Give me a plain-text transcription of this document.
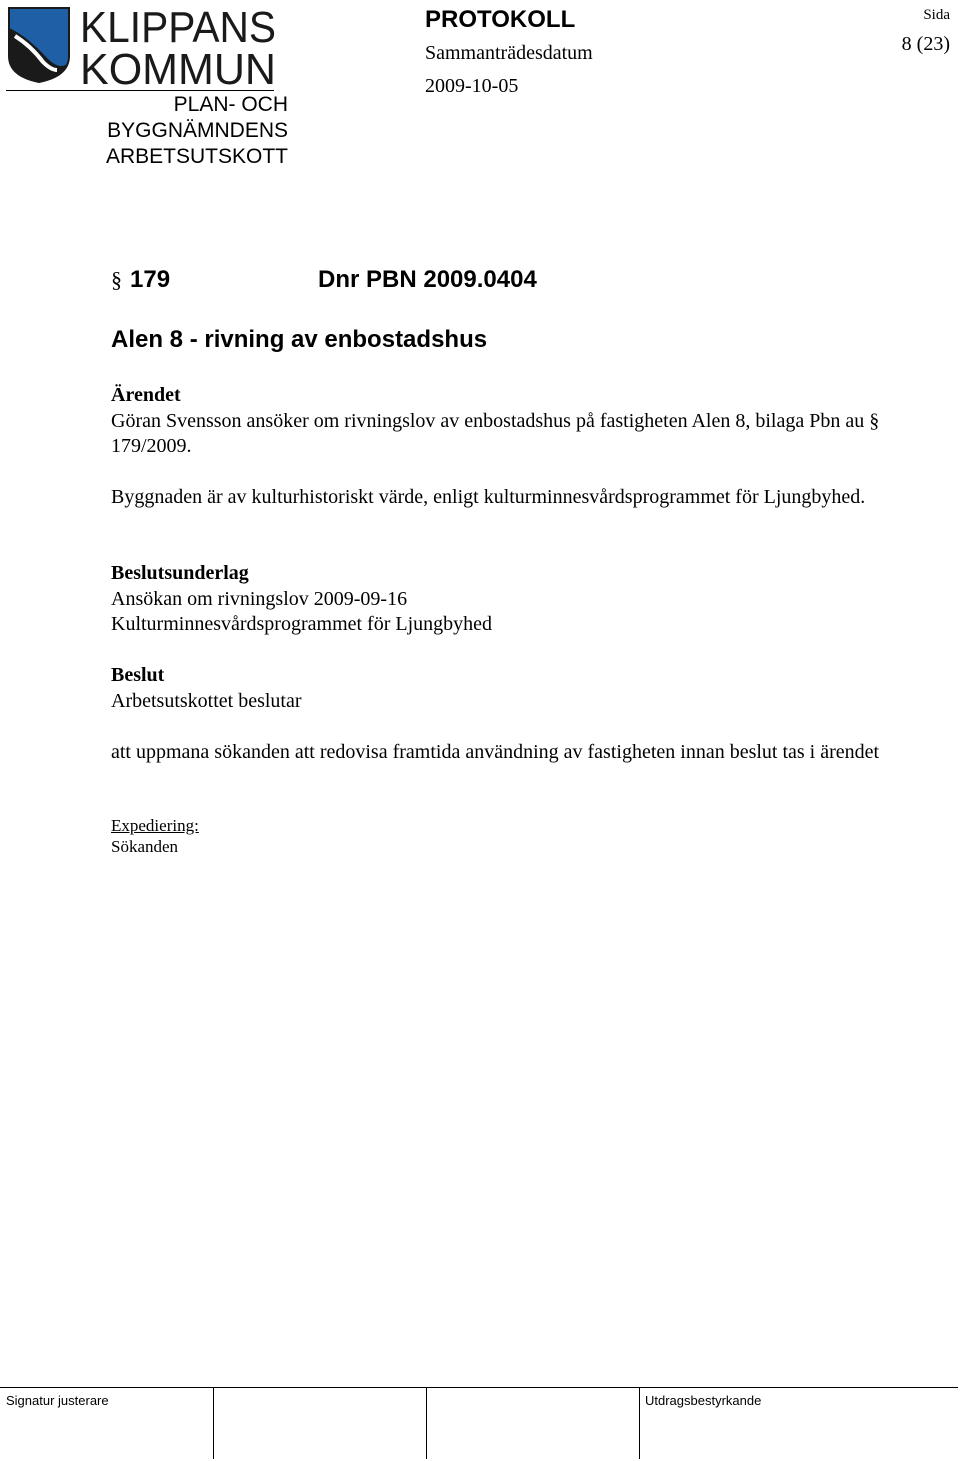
KLIPPANS
KOMMUN
PLAN- OCH
BYGGNÄMNDENS
ARBETSUTSKOTT
PROTOKOLL
Sammanträdesdatum
2009-10-05
Sida
8 (23)
§ 179	Dnr PBN 2009.0404
Alen 8 - rivning av enbostadshus
Ärendet
Göran Svensson ansöker om rivningslov av enbostadshus på fastigheten Alen 8, bilaga Pbn au § 179/2009.
Byggnaden är av kulturhistoriskt värde, enligt kulturminnesvårdsprogrammet för Ljungbyhed.
Beslutsunderlag
Ansökan om rivningslov 2009-09-16
Kulturminnesvårdsprogrammet för Ljungbyhed
Beslut
Arbetsutskottet beslutar
att uppmana sökanden att redovisa framtida användning av fastigheten innan beslut tas i ärendet
Expediering:
Sökanden
Signatur justerare	Utdragsbestyrkande
